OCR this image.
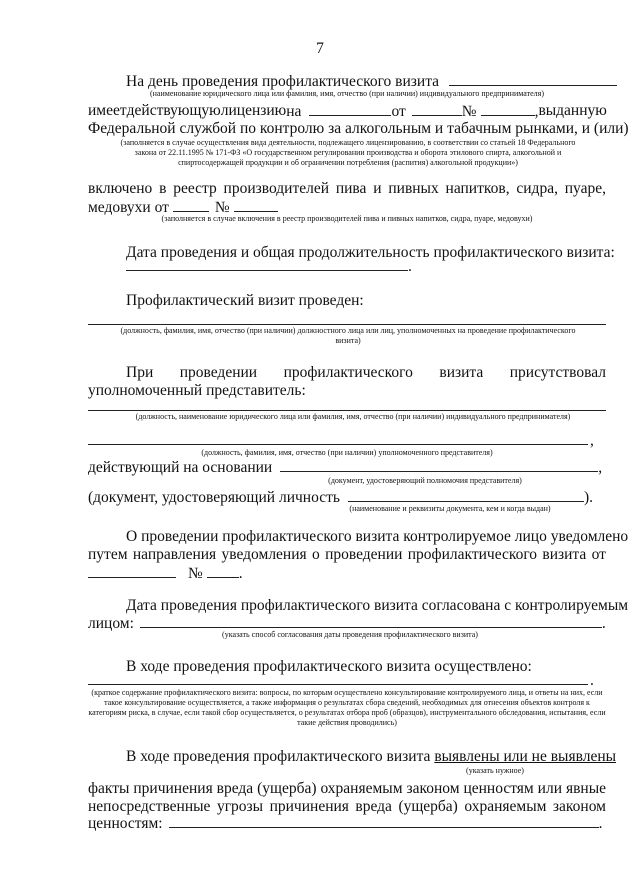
7
На день проведения профилактического визита
(наименование юридического лица или фамилия, имя, отчество (при наличии) индивидуального предпринимателя)
имеет действующую лицензию на	от	№	, выданную
Федеральной службой по контролю за алкогольным и табачным рынками, и (или)
(заполняется в случае осуществления вида деятельности, подлежащего лицензированию, в соответствии со статьей 18 Федерального закона от 22.11.1995 № 171-ФЗ «О государственном регулировании производства и оборота этилового спирта, алкогольной и спиртосодержащей продукции и об ограничении потребления (распития) алкогольной продукции»)
включено в реестр производителей пива и пивных напитков, сидра, пуаре,
медовухи от	№
(заполняется в случае включения в реестр производителей пива и пивных напитков, сидра, пуаре, медовухи)
Дата проведения и общая продолжительность профилактического визита:
.
Профилактический визит проведен:
(должность, фамилия, имя, отчество (при наличии) должностного лица или лиц, уполномоченных на проведение профилактического визита)
При проведении профилактического визита присутствовал
уполномоченный представитель:
(должность, наименование юридического лица или фамилия, имя, отчество (при наличии) индивидуального предпринимателя)
,
(должность, фамилия, имя, отчество (при наличии) уполномоченного представителя)
действующий на основании	,
(документ, удостоверяющий полномочия представителя)
(документ, удостоверяющий личность	).
(наименование и реквизиты документа, кем и когда выдан)
О проведении профилактического визита контролируемое лицо уведомлено
путем направления уведомления о проведении профилактического визита от
№ .
Дата проведения профилактического визита согласована с контролируемым
лицом:	.
(указать способ согласования даты проведения профилактического визита)
В ходе проведения профилактического визита осуществлено:
.
(краткое содержание профилактического визита: вопросы, по которым осуществлено консультирование контролируемого лица, и ответы на них, если такое консультирование осуществляется, а также информация о результатах сбора сведений, необходимых для отнесения объектов контроля к категориям риска, в случае, если такой сбор осуществляется, о результатах отбора проб (образцов), инструментального обследования, испытания, если такие действия проводились)
В ходе проведения профилактического визита выявлены или не выявлены
(указать нужное)
факты причинения вреда (ущерба) охраняемым законом ценностям или явные
непосредственные угрозы причинения вреда (ущерба) охраняемым законом
ценностям:	.
